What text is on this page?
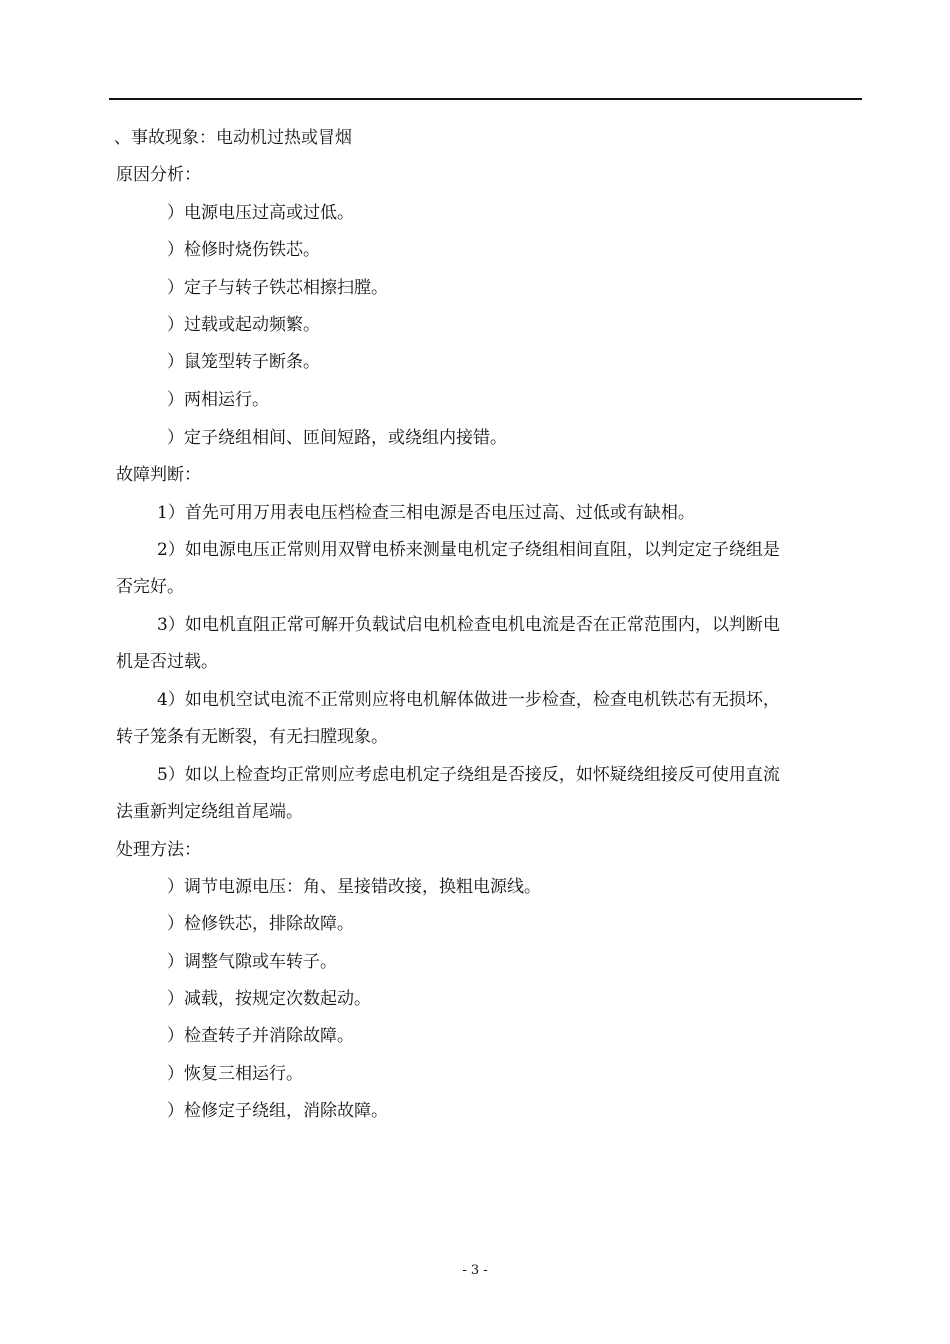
、事故现象：电动机过热或冒烟
原因分析：
）电源电压过高或过低。
）检修时烧伤铁芯。
）定子与转子铁芯相擦扫膛。
）过载或起动频繁。
）鼠笼型转子断条。
）两相运行。
）定子绕组相间、匝间短路，或绕组内接错。
故障判断：
1）首先可用万用表电压档检查三相电源是否电压过高、过低或有缺相。
2）如电源电压正常则用双臂电桥来测量电机定子绕组相间直阻，以判定定子绕组是
否完好。
3）如电机直阻正常可解开负载试启电机检查电机电流是否在正常范围内，以判断电
机是否过载。
4）如电机空试电流不正常则应将电机解体做进一步检查，检查电机铁芯有无损坏，
转子笼条有无断裂，有无扫膛现象。
5）如以上检查均正常则应考虑电机定子绕组是否接反，如怀疑绕组接反可使用直流
法重新判定绕组首尾端。
处理方法：
）调节电源电压：角、星接错改接，换粗电源线。
）检修铁芯，排除故障。
）调整气隙或车转子。
）减载，按规定次数起动。
）检查转子并消除故障。
）恢复三相运行。
）检修定子绕组，消除故障。
- 3 -
